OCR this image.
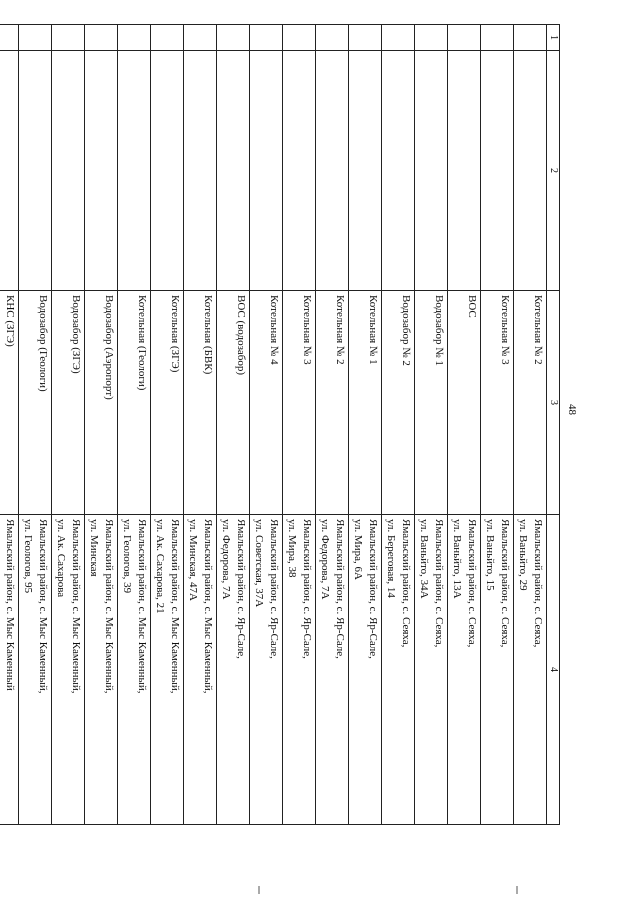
48
1	2	3	4
		Котельная № 2	Ямальский район, с. Сеяха,
ул. Ваньйто, 29

		Котельная № 3	Ямальский район, с. Сеяха,
ул. Ваньйто, 15

		ВОС	Ямальский район, с. Сеяха,
ул. Ваньйто, 13А

		Водозабор № 1	Ямальский район, с. Сеяха,
ул. Ваньйто, 34А

		Водозабор № 2	Ямальский район, с. Сеяха,
ул. Береговая, 14

		Котельная № 1	Ямальский район, с. Яр-Сале,
ул. Мира, 6А

		Котельная № 2	Ямальский район, с. Яр-Сале,
ул. Федорова, 7А

		Котельная № 3	Ямальский район, с. Яр-Сале,
ул. Мира, 38

		Котельная № 4	Ямальский район, с. Яр-Сале,
ул. Советская, 37А

		ВОС (водозабор)	Ямальский район, с. Яр-Сале,
ул. Федорова, 7А

		Котельная (БВК)	Ямальский район, с. Мыс Каменный,
ул. Минская, 47А

		Котельная (ЗГЭ)	Ямальский район, с. Мыс Каменный,
ул. Ак. Сахарова, 21

		Котельная (Геологи)	Ямальский район, с. Мыс Каменный,
ул. Геологов, 39

		Водозабор (Аэропорт)	Ямальский район, с. Мыс Каменный,
ул. Минская

		Водозабор (ЗГЭ)	Ямальский район, с. Мыс Каменный,
ул. Ак. Сахарова

		Водозабор (Геологи)	Ямальский район, с. Мыс Каменный,
ул. Геологов, 95

		КНС (ЗГЭ)	Ямальский район, с. Мыс Каменный
